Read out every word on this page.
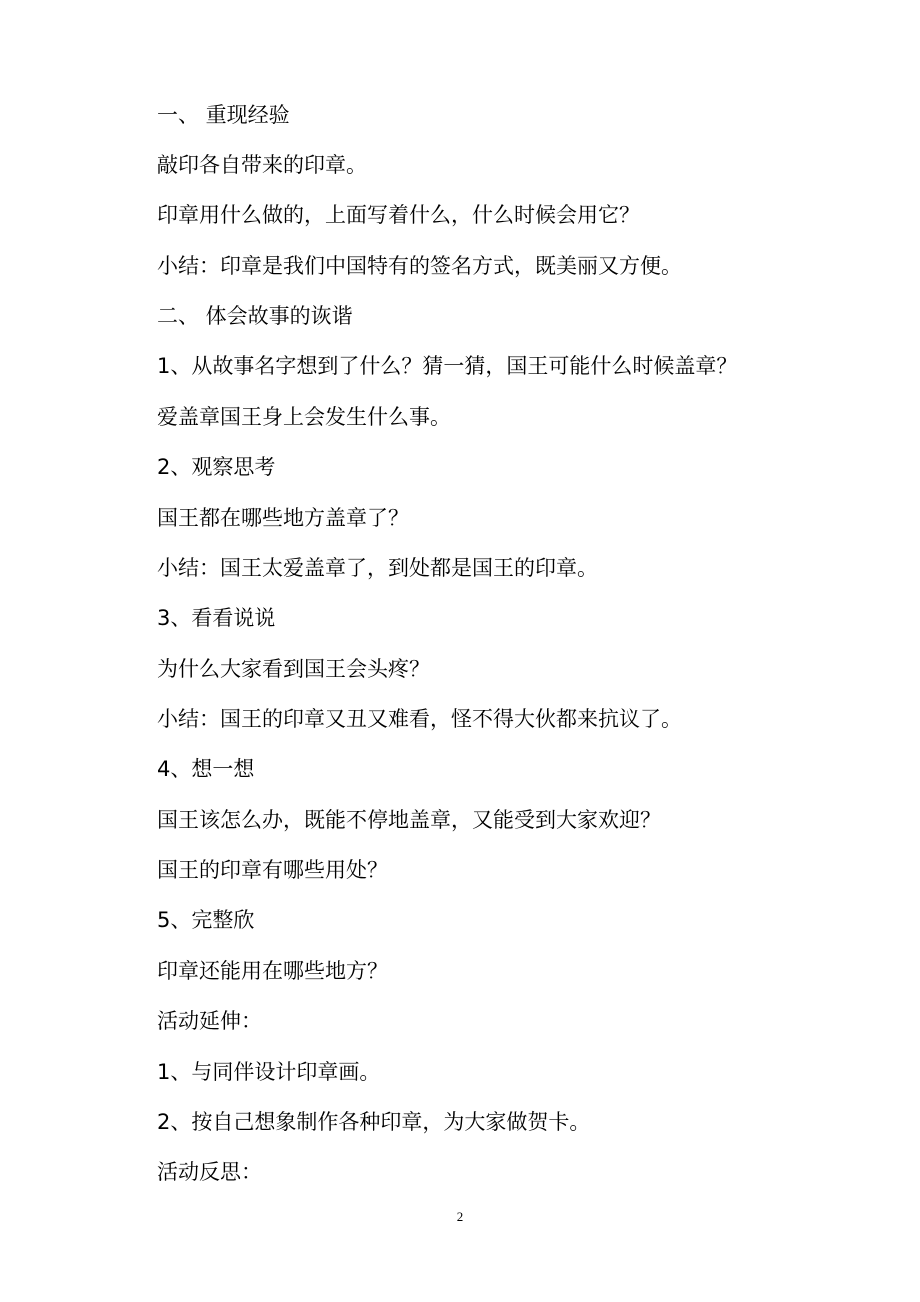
一、 重现经验
敲印各自带来的印章。
印章用什么做的，上面写着什么，什么时候会用它？
小结：印章是我们中国特有的签名方式，既美丽又方便。
二、 体会故事的诙谐
1、从故事名字想到了什么？猜一猜，国王可能什么时候盖章？
爱盖章国王身上会发生什么事。
2、观察思考
国王都在哪些地方盖章了？
小结：国王太爱盖章了，到处都是国王的印章。
3、看看说说
为什么大家看到国王会头疼？
小结：国王的印章又丑又难看，怪不得大伙都来抗议了。
4、想一想
国王该怎么办，既能不停地盖章，又能受到大家欢迎？
国王的印章有哪些用处？
5、完整欣
印章还能用在哪些地方？
活动延伸：
1、与同伴设计印章画。
2、按自己想象制作各种印章，为大家做贺卡。
活动反思：
2
